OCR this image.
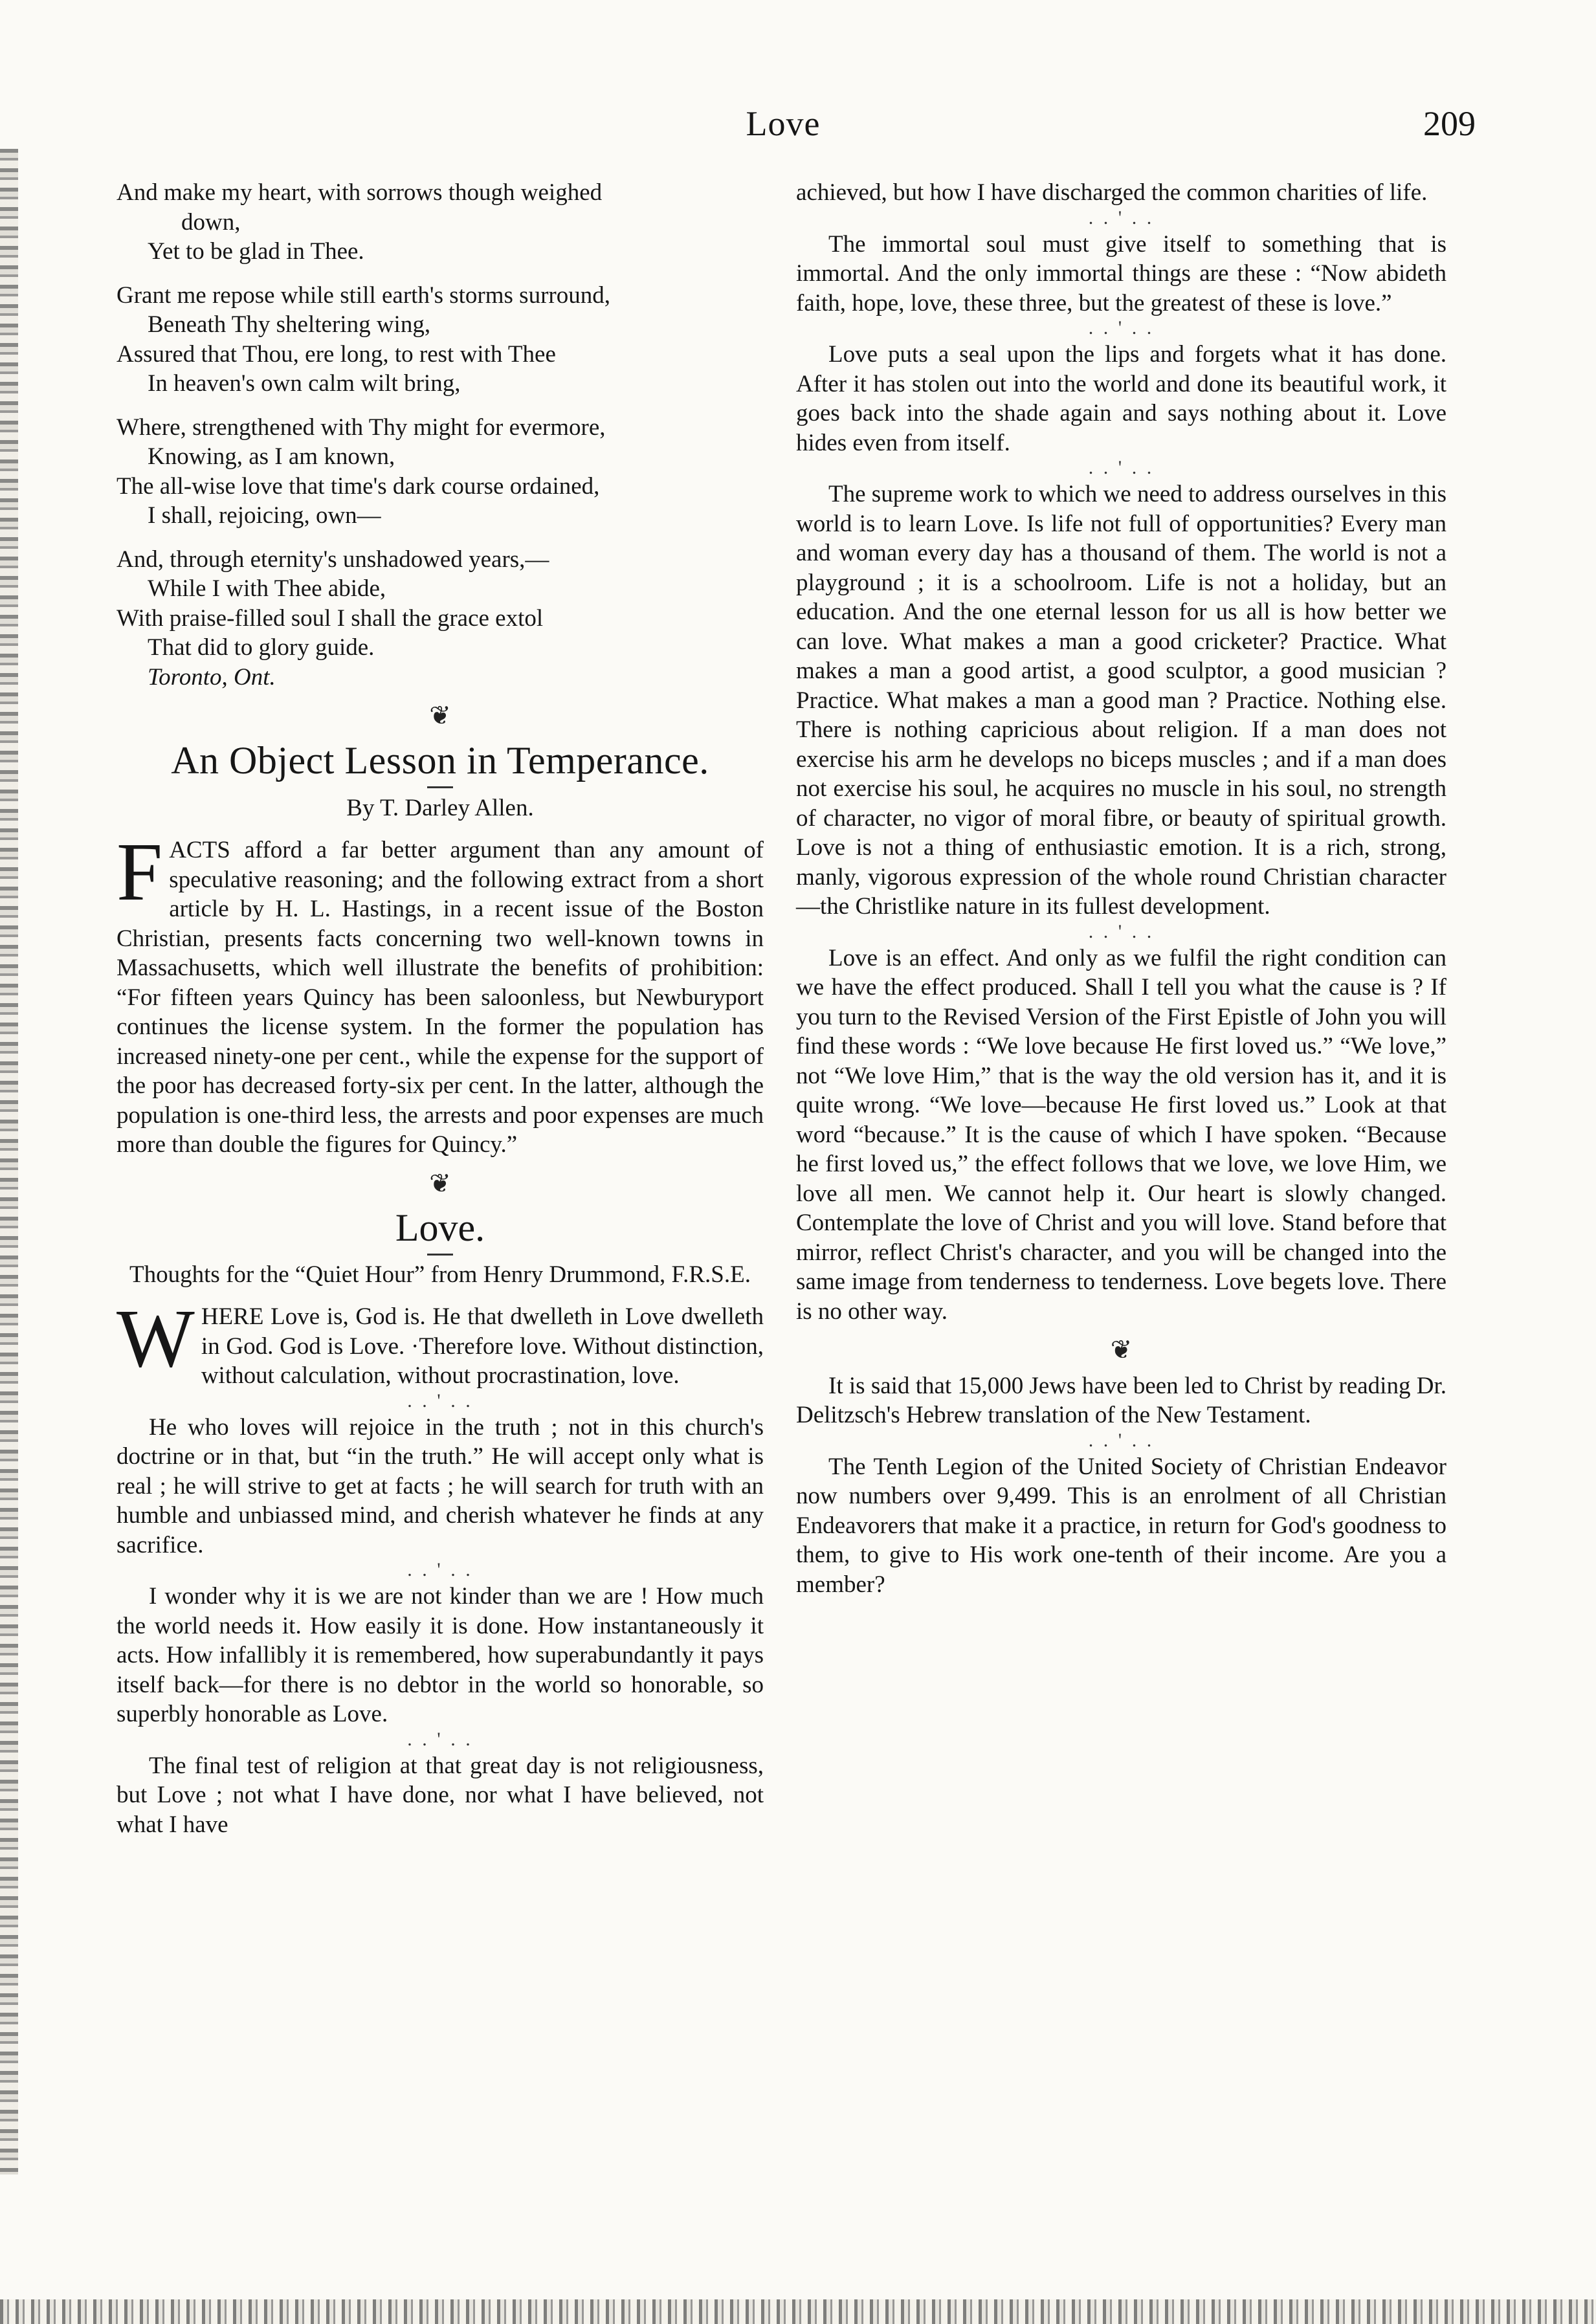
Love	209
And make my heart, with sorrows though weighed
down,
Yet to be glad in Thee.
Grant me repose while still earth's storms surround,
Beneath Thy sheltering wing,
Assured that Thou, ere long, to rest with Thee
In heaven's own calm wilt bring,
Where, strengthened with Thy might for evermore,
Knowing, as I am known,
The all-wise love that time's dark course ordained,
I shall, rejoicing, own—
And, through eternity's unshadowed years,—
While I with Thee abide,
With praise-filled soul I shall the grace extol
That did to glory guide.
Toronto, Ont.
❦
An Object Lesson in Temperance.
By T. Darley Allen.

FACTS afford a far better argument than any amount of speculative reasoning; and the following extract from a short article by H. L. Hastings, in a recent issue of the Boston Christian, presents facts concerning two well-known towns in Massachusetts, which well illustrate the benefits of prohibition: “For fifteen years Quincy has been saloonless, but Newburyport continues the license system. In the former the population has increased ninety-one per cent., while the expense for the support of the poor has decreased forty-six per cent. In the latter, although the population is one-third less, the arrests and poor expenses are much more than double the figures for Quincy.”

❦
Love.
Thoughts for the “Quiet Hour” from Henry Drummond, F.R.S.E.

WHERE Love is, God is. He that dwelleth in Love dwelleth in God. God is Love. ·Therefore love. Without distinction, without calculation, without procrastination, love.

. . ' . .

He who loves will rejoice in the truth ; not in this church's doctrine or in that, but “in the truth.” He will accept only what is real ; he will strive to get at facts ; he will search for truth with an humble and unbiassed mind, and cherish whatever he finds at any sacrifice.

. . ' . .

I wonder why it is we are not kinder than we are ! How much the world needs it. How easily it is done. How instantaneously it acts. How infallibly it is remembered, how superabundantly it pays itself back—for there is no debtor in the world so honorable, so superbly honorable as Love.

. . ' . .

The final test of religion at that great day is not religiousness, but Love ; not what I have done, nor what I have believed, not what I have

achieved, but how I have discharged the common charities of life.

. . ' . .

The immortal soul must give itself to something that is immortal. And the only immortal things are these : “Now abideth faith, hope, love, these three, but the greatest of these is love.”

. . ' . .

Love puts a seal upon the lips and forgets what it has done. After it has stolen out into the world and done its beautiful work, it goes back into the shade again and says nothing about it. Love hides even from itself.

. . ' . .

The supreme work to which we need to address ourselves in this world is to learn Love. Is life not full of opportunities? Every man and woman every day has a thousand of them. The world is not a playground ; it is a schoolroom. Life is not a holiday, but an education. And the one eternal lesson for us all is how better we can love. What makes a man a good cricketer? Practice. What makes a man a good artist, a good sculptor, a good musician ? Practice. What makes a man a good man ? Practice. Nothing else. There is nothing capricious about religion. If a man does not exercise his arm he develops no biceps muscles ; and if a man does not exercise his soul, he acquires no muscle in his soul, no strength of character, no vigor of moral fibre, or beauty of spiritual growth. Love is not a thing of enthusiastic emotion. It is a rich, strong, manly, vigorous expression of the whole round Christian character—the Christlike nature in its fullest development.

. . ' . .

Love is an effect. And only as we fulfil the right condition can we have the effect produced. Shall I tell you what the cause is ? If you turn to the Revised Version of the First Epistle of John you will find these words : “We love because He first loved us.” “We love,” not “We love Him,” that is the way the old version has it, and it is quite wrong. “We love—because He first loved us.” Look at that word “because.” It is the cause of which I have spoken. “Because he first loved us,” the effect follows that we love, we love Him, we love all men. We cannot help it. Our heart is slowly changed. Contemplate the love of Christ and you will love. Stand before that mirror, reflect Christ's character, and you will be changed into the same image from tenderness to tenderness. Love begets love. There is no other way.

❦

It is said that 15,000 Jews have been led to Christ by reading Dr. Delitzsch's Hebrew translation of the New Testament.

. . ' . .

The Tenth Legion of the United Society of Christian Endeavor now numbers over 9,499. This is an enrolment of all Christian Endeavorers that make it a practice, in return for God's goodness to them, to give to His work one-tenth of their income. Are you a member?
